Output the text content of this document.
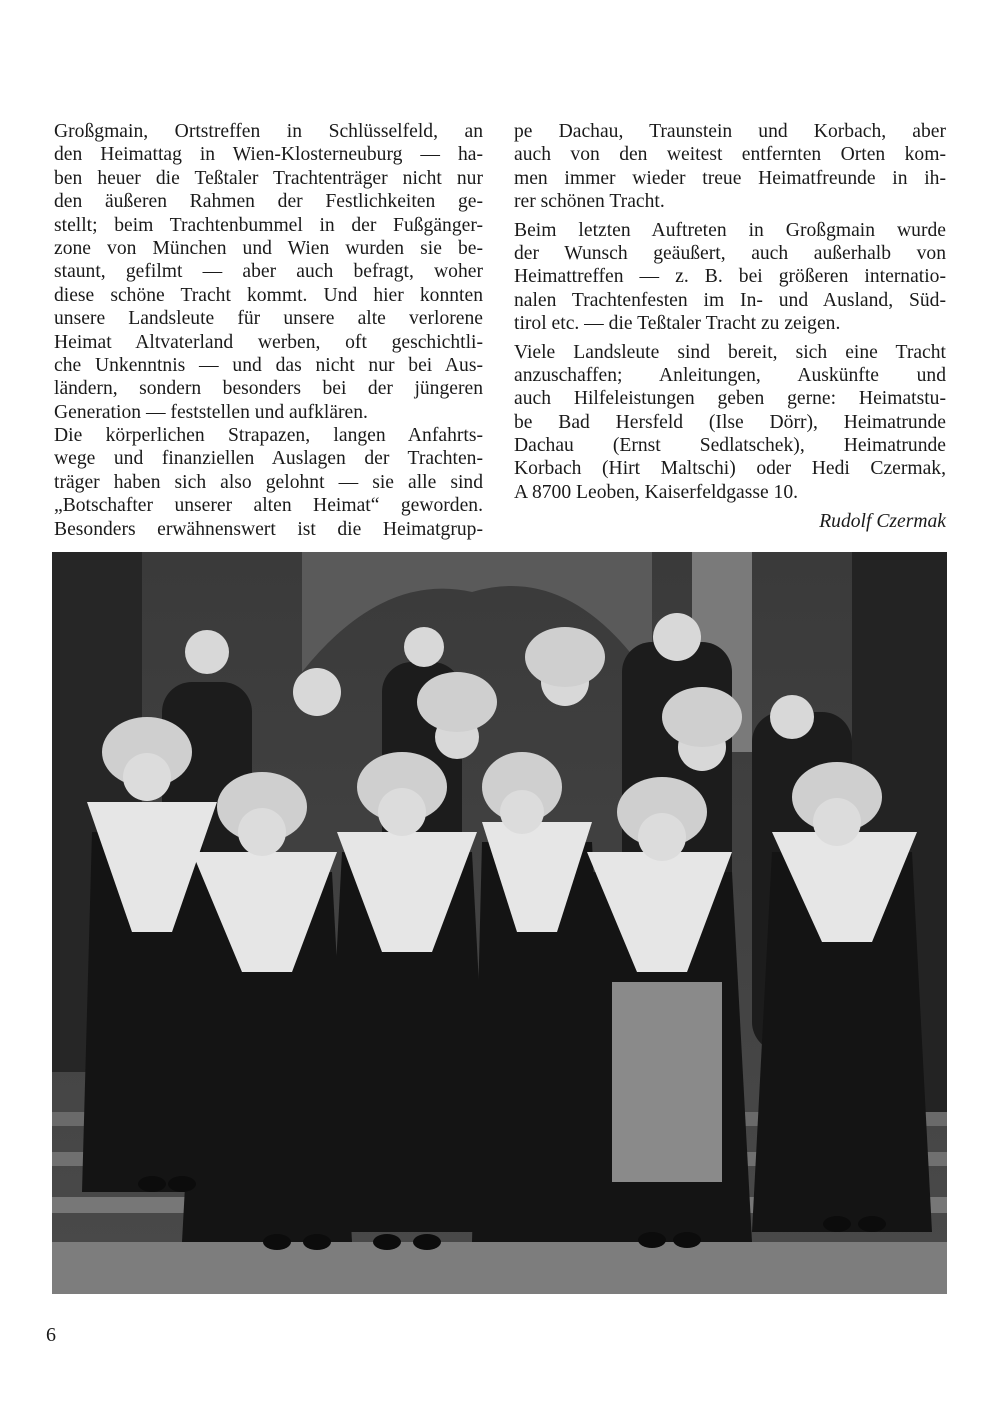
Großgmain, Ortstreffen in Schlüsselfeld, an
den Heimattag in Wien-Klosterneuburg — ha-
ben heuer die Teßtaler Trachtenträger nicht nur
den äußeren Rahmen der Festlichkeiten ge-
stellt; beim Trachtenbummel in der Fußgänger-
zone von München und Wien wurden sie be-
staunt, gefilmt — aber auch befragt, woher
diese schöne Tracht kommt. Und hier konnten
unsere Landsleute für unsere alte verlorene
Heimat Altvaterland werben, oft geschichtli-
che Unkenntnis — und das nicht nur bei Aus-
ländern, sondern besonders bei der jüngeren
Generation — feststellen und aufklären.
Die körperlichen Strapazen, langen Anfahrts-
wege und finanziellen Auslagen der Trachten-
träger haben sich also gelohnt — sie alle sind
„Botschafter unserer alten Heimat“ geworden.
Besonders erwähnenswert ist die Heimatgrup-
pe Dachau, Traunstein und Korbach, aber
auch von den weitest entfernten Orten kom-
men immer wieder treue Heimatfreunde in ih-
rer schönen Tracht.
Beim letzten Auftreten in Großgmain wurde
der Wunsch geäußert, auch außerhalb von
Heimattreffen — z. B. bei größeren internatio-
nalen Trachtenfesten im In- und Ausland, Süd-
tirol etc. — die Teßtaler Tracht zu zeigen.
Viele Landsleute sind bereit, sich eine Tracht
anzuschaffen; Anleitungen, Auskünfte und
auch Hilfeleistungen geben gerne: Heimatstu-
be Bad Hersfeld (Ilse Dörr), Heimatrunde
Dachau (Ernst Sedlatschek), Heimatrunde
Korbach (Hirt Maltschi) oder Hedi Czermak,
A 8700 Leoben, Kaiserfeldgasse 10.
Rudolf Czermak
6
